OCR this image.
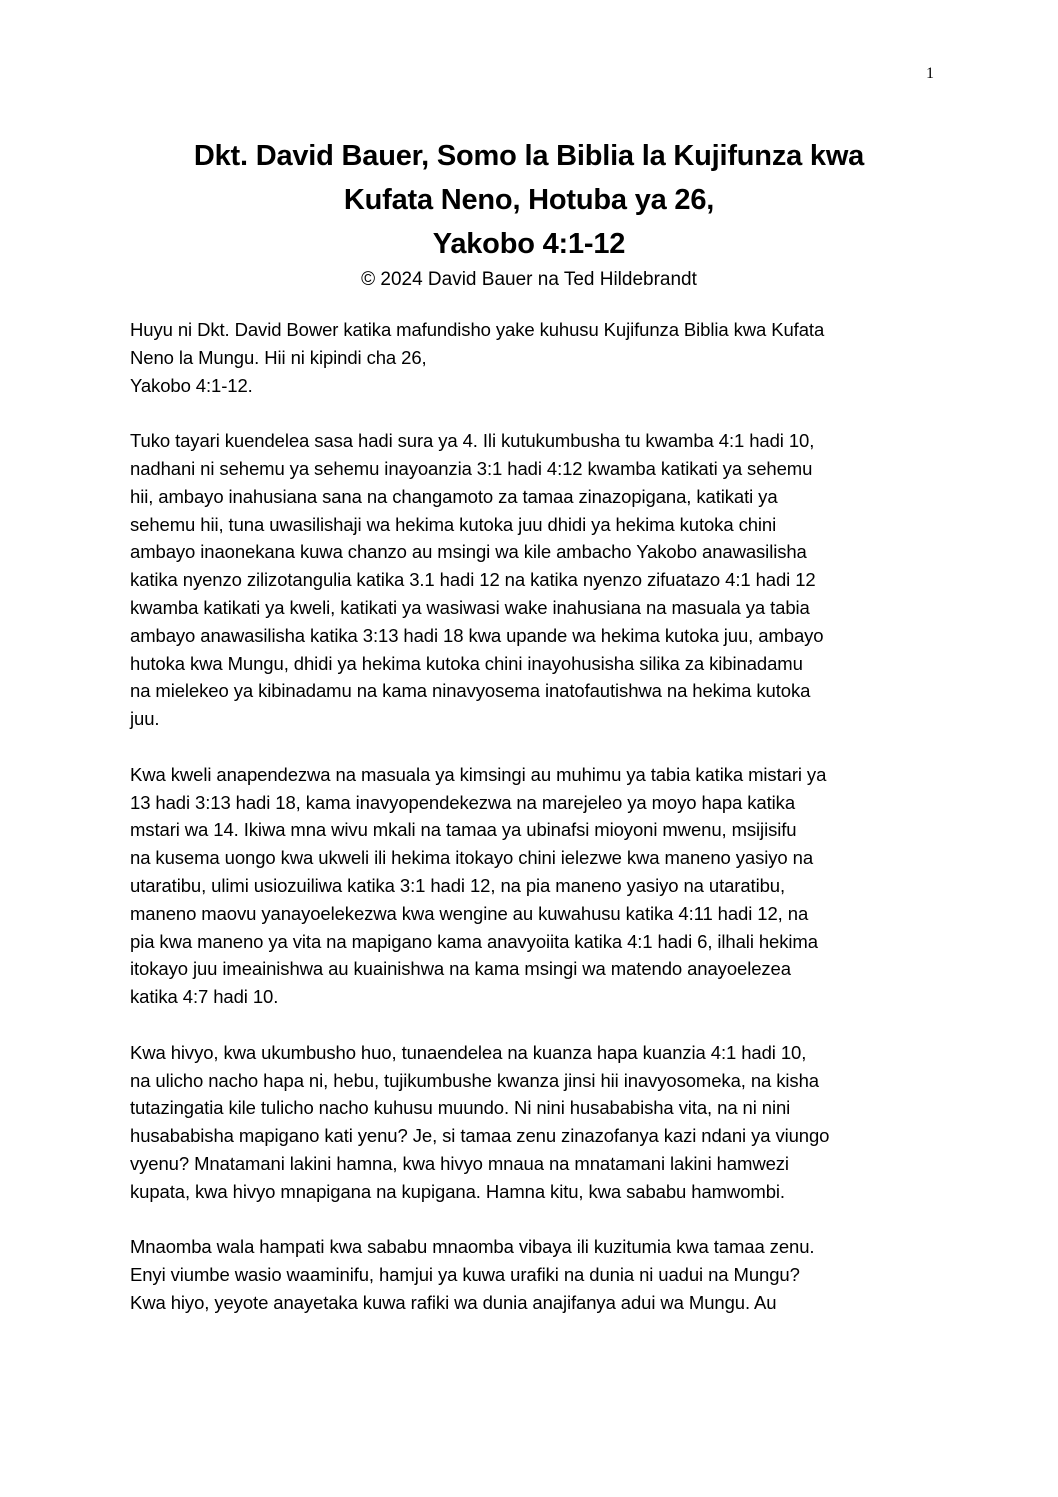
1
Dkt. David Bauer, Somo la Biblia la Kujifunza kwa
Kufata Neno, Hotuba ya 26,
Yakobo 4:1-12
© 2024 David Bauer na Ted Hildebrandt
Huyu ni Dkt. David Bower katika mafundisho yake kuhusu Kujifunza Biblia kwa Kufata
Neno la Mungu. Hii ni kipindi cha 26,
Yakobo 4:1-12.
Tuko tayari kuendelea sasa hadi sura ya 4. Ili kutukumbusha tu kwamba 4:1 hadi 10,
nadhani ni sehemu ya sehemu inayoanzia 3:1 hadi 4:12 kwamba katikati ya sehemu
hii, ambayo inahusiana sana na changamoto za tamaa zinazopigana, katikati ya
sehemu hii, tuna uwasilishaji wa hekima kutoka juu dhidi ya hekima kutoka chini
ambayo inaonekana kuwa chanzo au msingi wa kile ambacho Yakobo anawasilisha
katika nyenzo zilizotangulia katika 3.1 hadi 12 na katika nyenzo zifuatazo 4:1 hadi 12
kwamba katikati ya kweli, katikati ya wasiwasi wake inahusiana na masuala ya tabia
ambayo anawasilisha katika 3:13 hadi 18 kwa upande wa hekima kutoka juu, ambayo
hutoka kwa Mungu, dhidi ya hekima kutoka chini inayohusisha silika za kibinadamu
na mielekeo ya kibinadamu na kama ninavyosema inatofautishwa na hekima kutoka
juu.
Kwa kweli anapendezwa na masuala ya kimsingi au muhimu ya tabia katika mistari ya
13 hadi 3:13 hadi 18, kama inavyopendekezwa na marejeleo ya moyo hapa katika
mstari wa 14. Ikiwa mna wivu mkali na tamaa ya ubinafsi mioyoni mwenu, msijisifu
na kusema uongo kwa ukweli ili hekima itokayo chini ielezwe kwa maneno yasiyo na
utaratibu, ulimi usiozuiliwa katika 3:1 hadi 12, na pia maneno yasiyo na utaratibu,
maneno maovu yanayoelekezwa kwa wengine au kuwahusu katika 4:11 hadi 12, na
pia kwa maneno ya vita na mapigano kama anavyoiita katika 4:1 hadi 6, ilhali hekima
itokayo juu imeainishwa au kuainishwa na kama msingi wa matendo anayoelezea
katika 4:7 hadi 10.
Kwa hivyo, kwa ukumbusho huo, tunaendelea na kuanza hapa kuanzia 4:1 hadi 10,
na ulicho nacho hapa ni, hebu, tujikumbushe kwanza jinsi hii inavyosomeka, na kisha
tutazingatia kile tulicho nacho kuhusu muundo. Ni nini husababisha vita, na ni nini
husababisha mapigano kati yenu? Je, si tamaa zenu zinazofanya kazi ndani ya viungo
vyenu? Mnatamani lakini hamna, kwa hivyo mnaua na mnatamani lakini hamwezi
kupata, kwa hivyo mnapigana na kupigana. Hamna kitu, kwa sababu hamwombi.
Mnaomba wala hampati kwa sababu mnaomba vibaya ili kuzitumia kwa tamaa zenu.
Enyi viumbe wasio waaminifu, hamjui ya kuwa urafiki na dunia ni uadui na Mungu?
Kwa hiyo, yeyote anayetaka kuwa rafiki wa dunia anajifanya adui wa Mungu. Au
